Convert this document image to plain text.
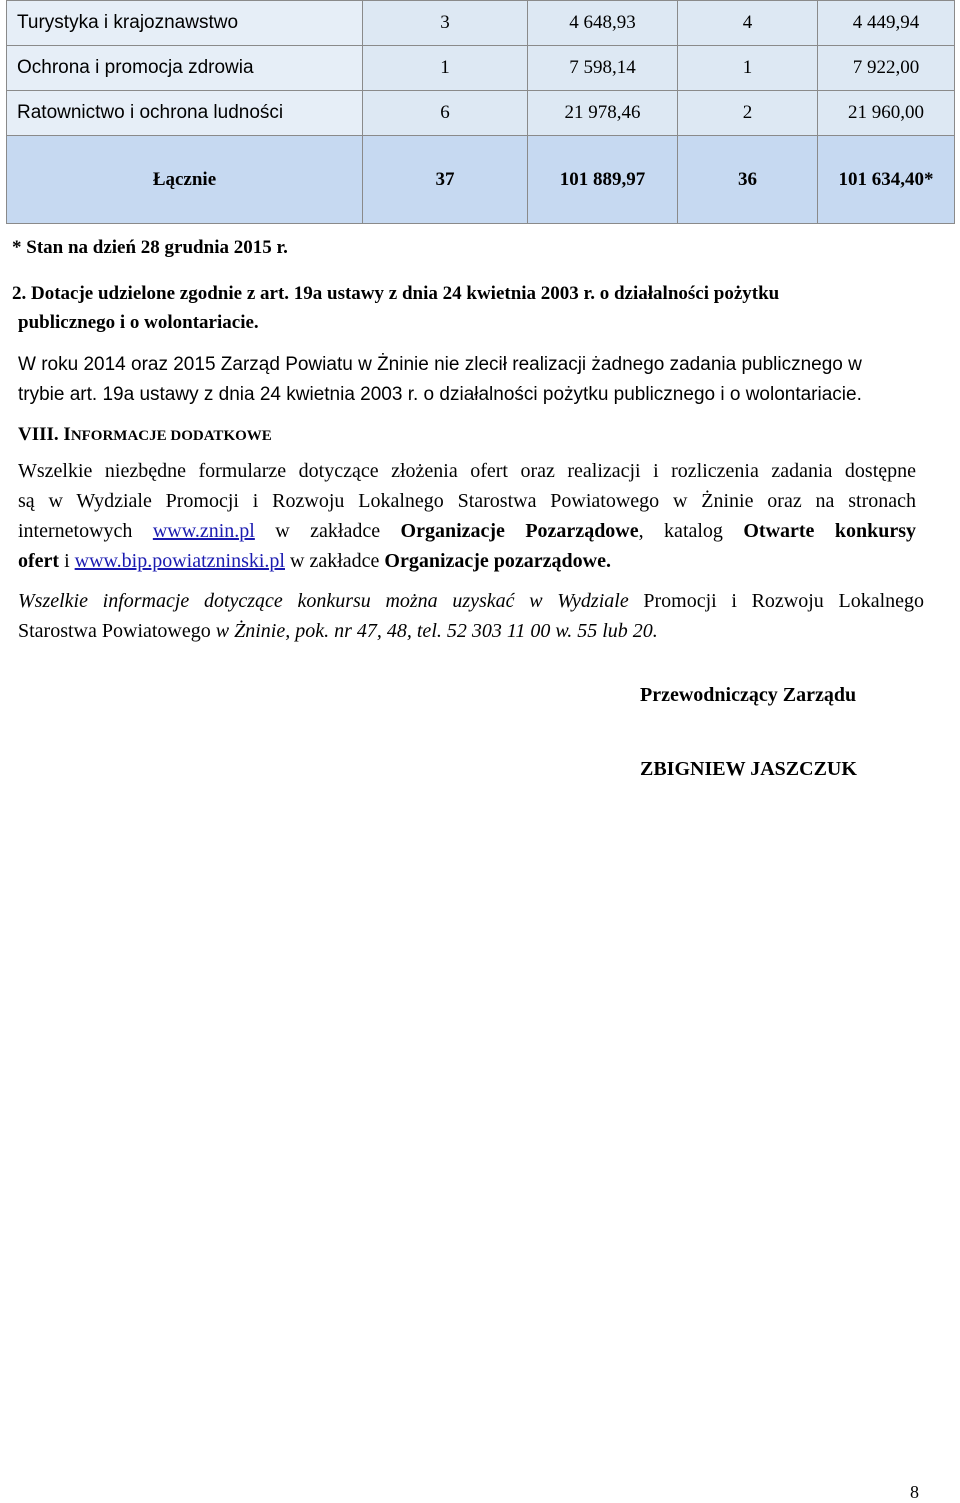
Turystyka i krajoznawstwo	3	4 648,93	4	4 449,94
Ochrona i promocja zdrowia	1	7 598,14	1	7 922,00
Ratownictwo i ochrona ludności	6	21 978,46	2	21 960,00
Łącznie	37	101 889,97	36	101 634,40*
* Stan na dzień 28 grudnia 2015 r.
2. Dotacje udzielone zgodnie z art. 19a ustawy z dnia 24 kwietnia 2003 r. o działalności pożytku
publicznego i o wolontariacie.
W roku 2014 oraz 2015 Zarząd Powiatu w Żninie nie zlecił realizacji żadnego zadania publicznego w
trybie art. 19a ustawy z dnia 24 kwietnia 2003 r. o działalności pożytku publicznego i o wolontariacie.
VIII. INFORMACJE DODATKOWE
Wszelkie niezbędne formularze dotyczące złożenia ofert oraz realizacji i rozliczenia zadania dostępne
są w Wydziale Promocji i Rozwoju Lokalnego Starostwa Powiatowego w Żninie oraz na stronach
internetowych www.znin.pl w zakładce Organizacje Pozarządowe, katalog Otwarte konkursy
ofert i www.bip.powiatzninski.pl w zakładce Organizacje pozarządowe.
Wszelkie informacje dotyczące konkursu można uzyskać w Wydziale Promocji i Rozwoju Lokalnego
Starostwa Powiatowego w Żninie, pok. nr 47, 48, tel. 52 303 11 00 w. 55 lub 20.
Przewodniczący Zarządu
ZBIGNIEW JASZCZUK
8
